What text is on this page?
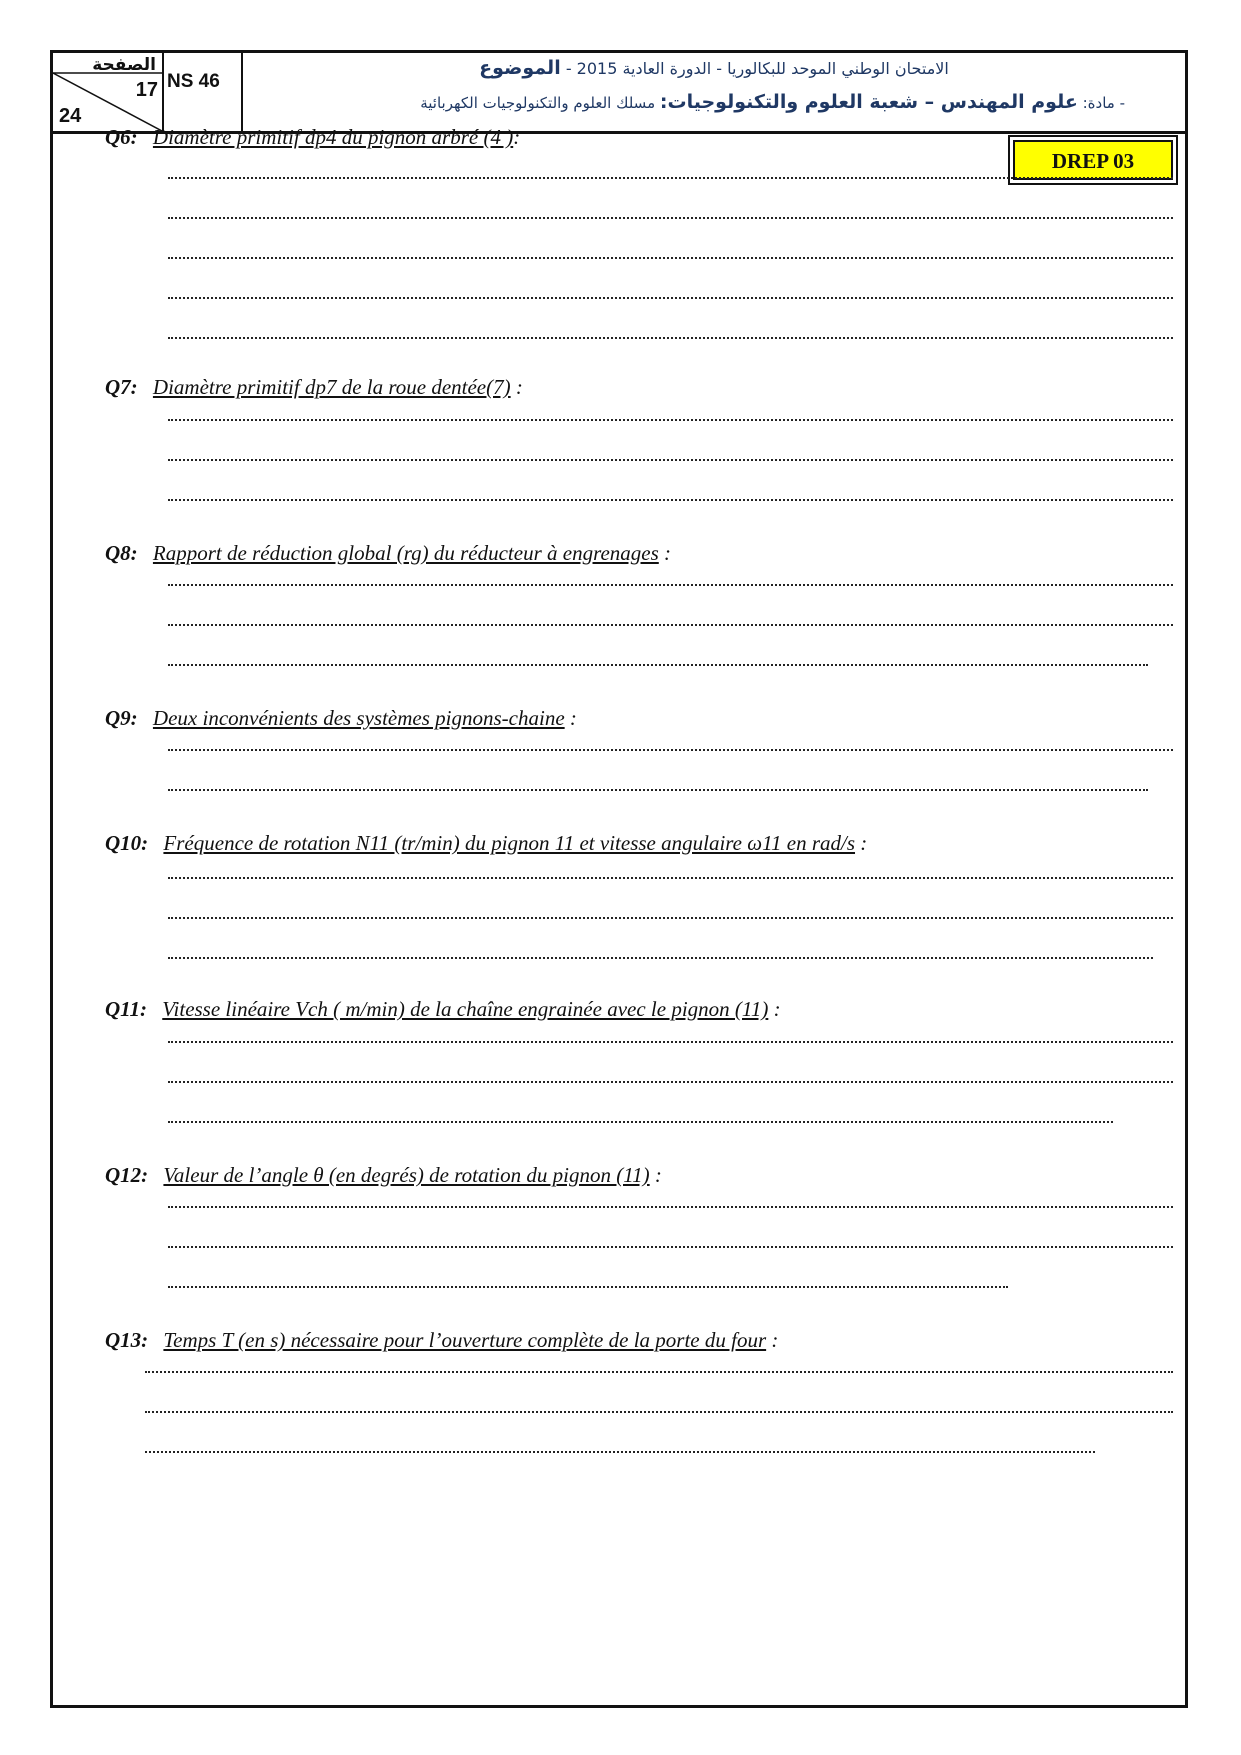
الصفحة
17
24
NS 46
الامتحان الوطني الموحد للبكالوريا - الدورة العادية 2015 - الموضوع
- مادة: علوم المهندس – شعبة العلوم والتكنولوجيات: مسلك العلوم والتكنولوجيات الكهربائية
DREP 03
Q6: Diamètre primitif dp4 du pignon arbré (4 ):
Q7: Diamètre primitif dp7 de la roue dentée(7) :
Q8: Rapport de réduction global (rg) du réducteur à engrenages :
Q9: Deux inconvénients des systèmes pignons-chaine :
Q10: Fréquence de rotation N11 (tr/min) du pignon 11 et vitesse angulaire ω11 en rad/s :
Q11: Vitesse linéaire Vch ( m/min) de la chaîne engrainée avec le pignon (11) :
Q12: Valeur de l’angle θ (en degrés) de rotation du pignon (11) :
Q13: Temps T (en s) nécessaire pour l’ouverture complète de la porte du four :
